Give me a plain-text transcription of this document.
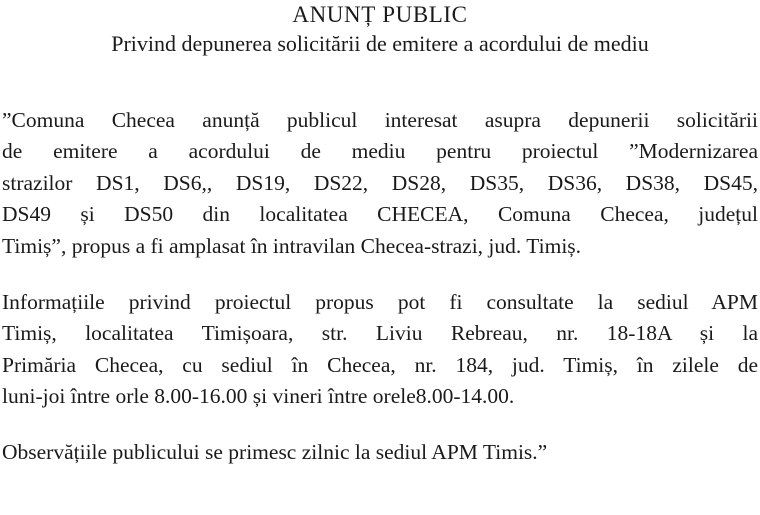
ANUNȚ PUBLIC
Privind depunerea solicitării de emitere a acordului de mediu

”Comuna Checea anunță publicul interesat asupra depunerii solicitării
de emitere a acordului de mediu pentru proiectul ”Modernizarea
strazilor DS1, DS6,, DS19, DS22, DS28, DS35, DS36, DS38, DS45,
DS49 și DS50 din localitatea CHECEA, Comuna Checea, județul
Timiș”, propus a fi amplasat în intravilan Checea-strazi, jud. Timiș.

Informațiile privind proiectul propus pot fi consultate la sediul APM
Timiș, localitatea Timișoara, str. Liviu Rebreau, nr. 18-18A și la
Primăria Checea, cu sediul în Checea, nr. 184, jud. Timiș, în zilele de
luni-joi între orle 8.00-16.00 și vineri între orele8.00-14.00.

Observățiile publicului se primesc zilnic la sediul APM Timis.”
